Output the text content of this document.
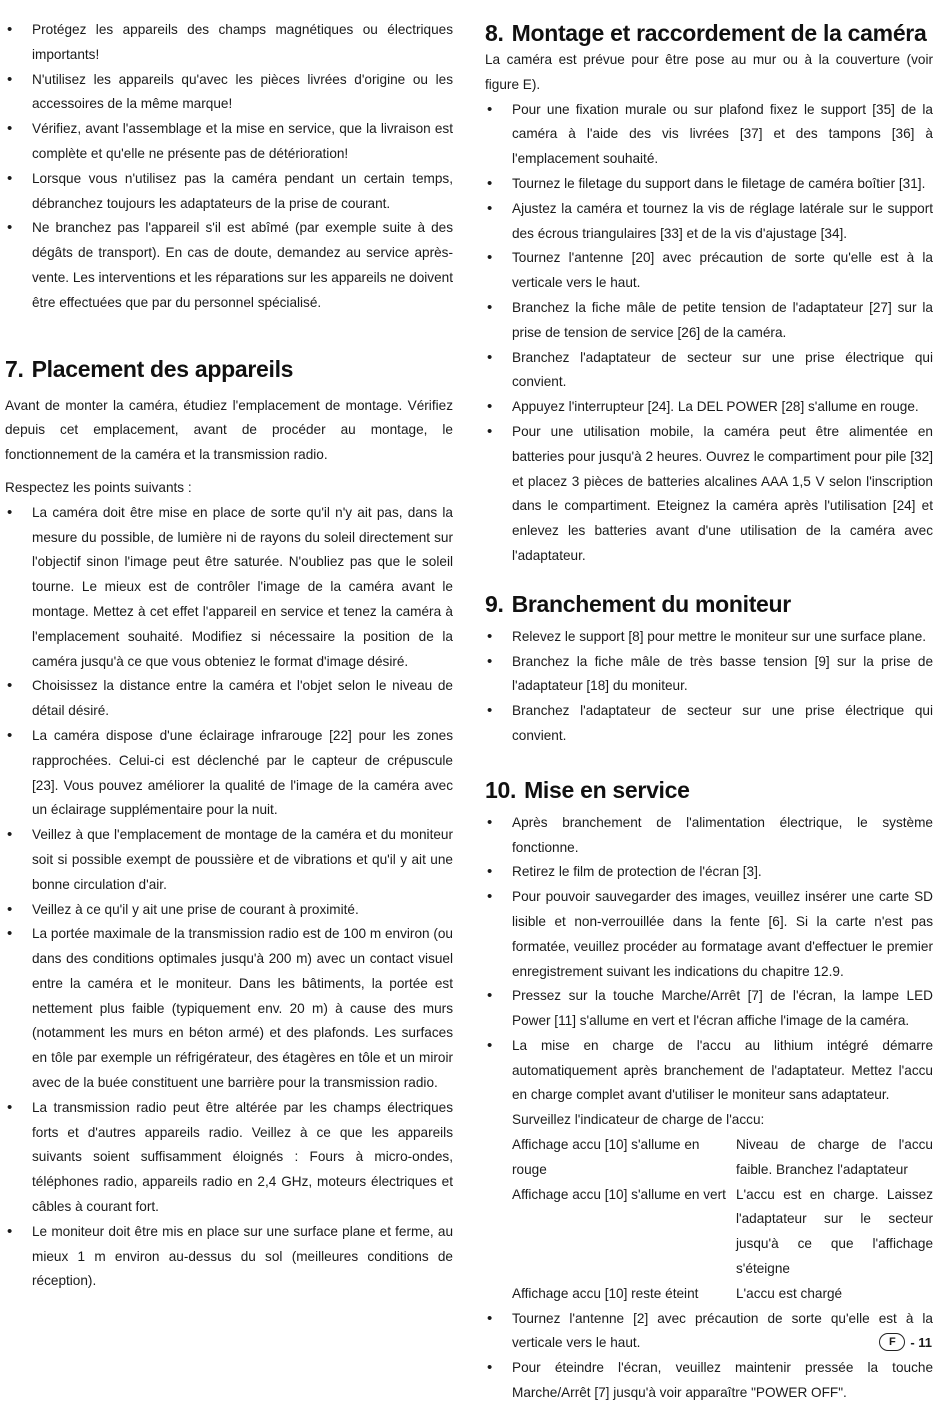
• Protégez les appareils des champs magnétiques ou électriques importants!
• N'utilisez les appareils qu'avec les pièces livrées d'origine ou les accessoires de la même marque!
• Vérifiez, avant l'assemblage et la mise en service, que la livraison est complète et qu'elle ne présente pas de détérioration!
• Lorsque vous n'utilisez pas la caméra pendant un certain temps, débranchez toujours les adaptateurs de la prise de courant.
• Ne branchez pas l'appareil s'il est abîmé (par exemple suite à des dégâts de transport). En cas de doute, demandez au service après-vente. Les interventions et les réparations sur les appareils ne doivent être effectuées que par du personnel spécialisé.
7. Placement des appareils

Avant de monter la caméra, étudiez l'emplacement de montage. Vérifiez depuis cet emplacement, avant de procéder au montage, le fonctionnement de la caméra et la transmission radio.

Respectez les points suivants :

• La caméra doit être mise en place de sorte qu'il n'y ait pas, dans la mesure du possible, de lumière ni de rayons du soleil directement sur l'objectif sinon l'image peut être saturée. N'oubliez pas que le soleil tourne. Le mieux est de contrôler l'image de la caméra avant le montage. Mettez à cet effet l'appareil en service et tenez la caméra à l'emplacement souhaité. Modifiez si nécessaire la position de la caméra jusqu'à ce que vous obteniez le format d'image désiré.
• Choisissez la distance entre la caméra et l'objet selon le niveau de détail désiré.
• La caméra dispose d'une éclairage infrarouge [22] pour les zones rapprochées. Celui-ci est déclenché par le capteur de crépuscule [23]. Vous pouvez améliorer la qualité de l'image de la caméra avec un éclairage supplémentaire pour la nuit.
• Veillez à que l'emplacement de montage de la caméra et du moniteur soit si possible exempt de poussière et de vibrations et qu'il y ait une bonne circulation d'air.
• Veillez à ce qu'il y ait une prise de courant à proximité.
• La portée maximale de la transmission radio est de 100 m environ (ou dans des conditions optimales jusqu'à 200 m) avec un contact visuel entre la caméra et le moniteur. Dans les bâtiments, la portée est nettement plus faible (typiquement env. 20 m) à cause des murs (notamment les murs en béton armé) et des plafonds. Les surfaces en tôle par exemple un réfrigérateur, des étagères en tôle et un miroir avec de la buée constituent une barrière pour la transmission radio.
• La transmission radio peut être altérée par les champs électriques forts et d'autres appareils radio. Veillez à ce que les appareils suivants soient suffisamment éloignés : Fours à micro-ondes, téléphones radio, appareils radio en 2,4 GHz, moteurs électriques et câbles à courant fort.
• Le moniteur doit être mis en place sur une surface plane et ferme, au mieux 1 m environ au-dessus du sol (meilleures conditions de réception).
8. Montage et raccordement de la caméra

La caméra est prévue pour être pose au mur ou à la couverture (voir figure E).

• Pour une fixation murale ou sur plafond fixez le support [35] de la caméra à l'aide des vis livrées [37] et des tampons [36] à l'emplacement souhaité.
• Tournez le filetage du support dans le filetage de caméra boîtier [31].
• Ajustez la caméra et tournez la vis de réglage latérale sur le support des écrous triangulaires [33] et de la vis d'ajustage [34].
• Tournez l'antenne [20] avec précaution de sorte qu'elle est à la verticale vers le haut.
• Branchez la fiche mâle de petite tension de l'adaptateur [27] sur la prise de tension de service [26] de la caméra.
• Branchez l'adaptateur de secteur sur une prise électrique qui convient.
• Appuyez l'interrupteur [24]. La DEL POWER [28] s'allume en rouge.
• Pour une utilisation mobile, la caméra peut être alimentée en batteries pour jusqu'à 2 heures. Ouvrez le compartiment pour pile [32] et placez 3 pièces de batteries alcalines AAA 1,5 V selon l'inscription dans le compartiment. Eteignez la caméra après l'utilisation [24] et enlevez les batteries avant d'une utilisation de la caméra avec l'adaptateur.
9. Branchement du moniteur
• Relevez le support [8] pour mettre le moniteur sur une surface plane.
• Branchez la fiche mâle de très basse tension [9] sur la prise de l'adaptateur [18] du moniteur.
• Branchez l'adaptateur de secteur sur une prise électrique qui convient.
10. Mise en service
• Après branchement de l'alimentation électrique, le système fonctionne.
• Retirez le film de protection de l'écran [3].
• Pour pouvoir sauvegarder des images, veuillez insérer une carte SD lisible et non-verrouillée dans la fente [6]. Si la carte n'est pas formatée, veuillez procéder au formatage avant d'effectuer le premier enregistrement suivant les indications du chapitre 12.9.
• Pressez sur la touche Marche/Arrêt [7] de l'écran, la lampe LED Power [11] s'allume en vert et l'écran affiche l'image de la caméra.
• La mise en charge de l'accu au lithium intégré démarre automatiquement après branchement de l'adaptateur. Mettez l'accu en charge complet avant d'utiliser le moniteur sans adaptateur.
Surveillez l'indicateur de charge de l'accu:
Affichage accu [10] s'allume en rouge	Niveau de charge de l'accu faible. Branchez l'adaptateur
Affichage accu [10] s'allume en vert	L'accu est en charge. Laissez l'adaptateur sur le secteur jusqu'à ce que l'affichage s'éteigne
Affichage accu [10] reste éteint	L'accu est chargé
• Tournez l'antenne [2] avec précaution de sorte qu'elle est à la verticale vers le haut.
• Pour éteindre l'écran, veuillez maintenir pressée la touche Marche/Arrêt [7] jusqu'à voir apparaître "POWER OFF".
F	- 11
